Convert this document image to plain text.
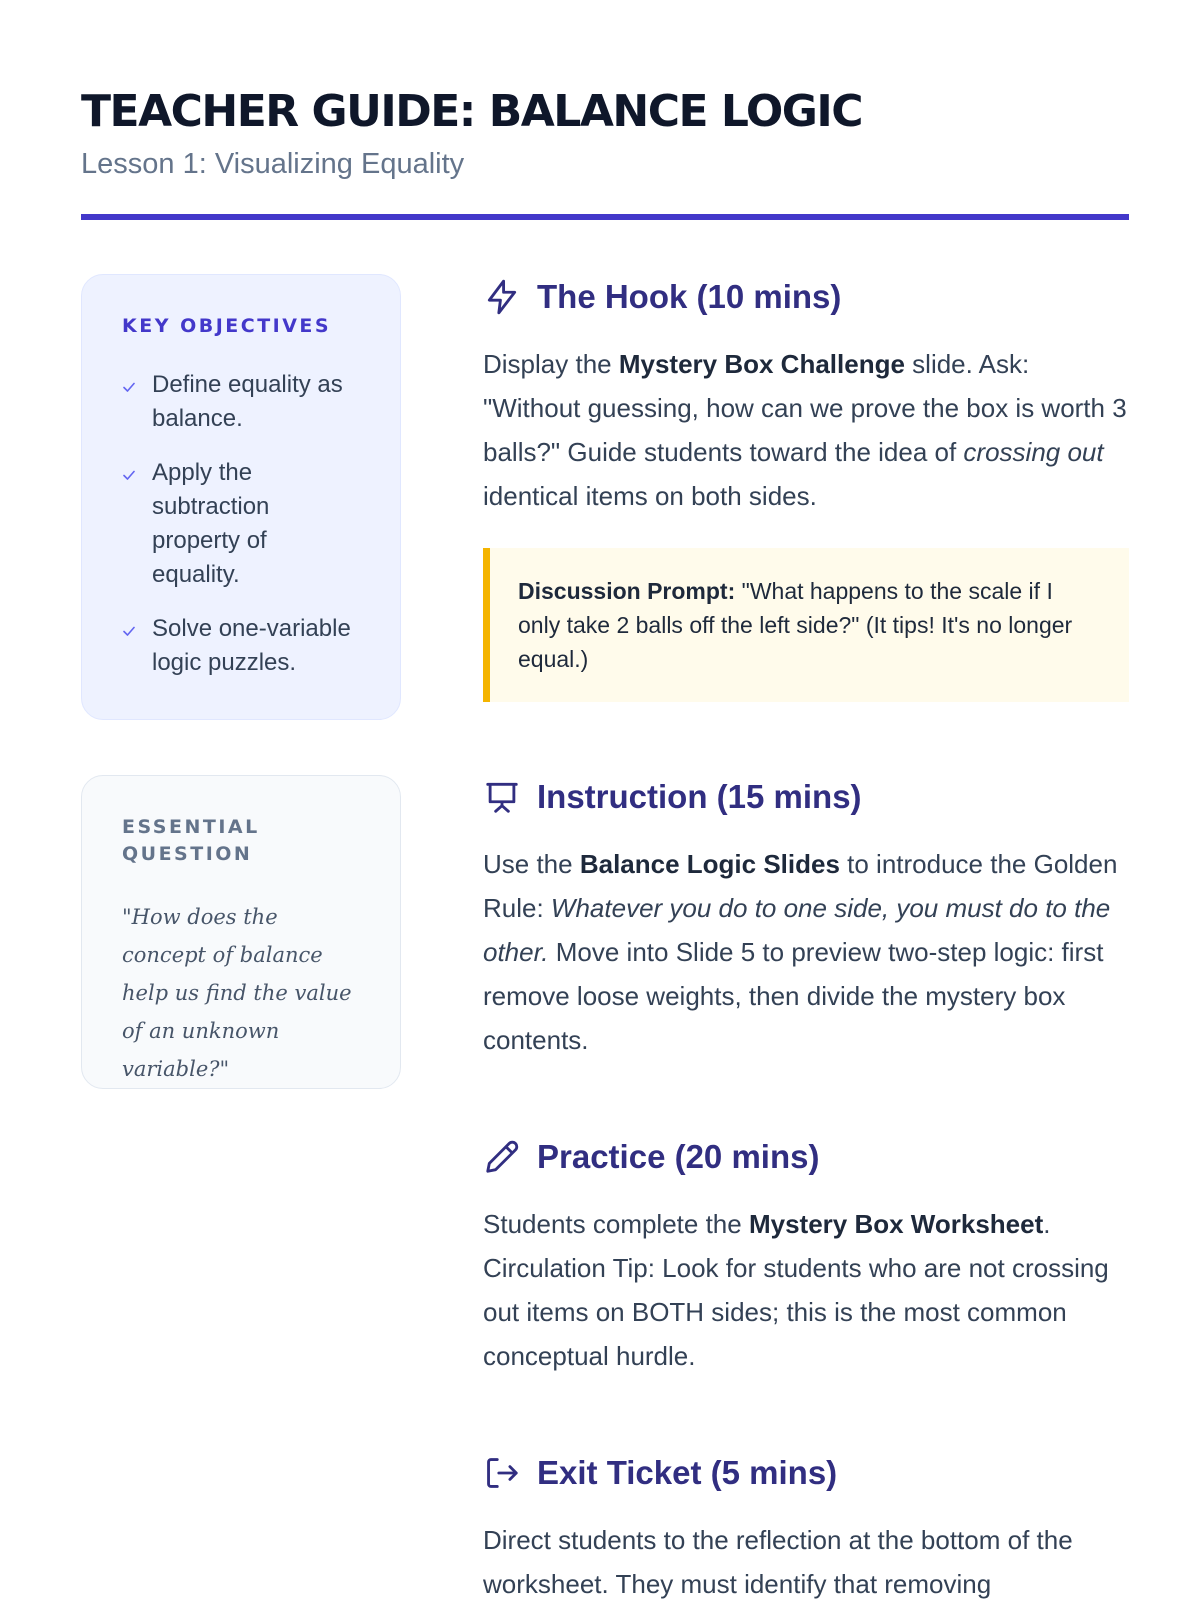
TEACHER GUIDE: BALANCE LOGIC
Lesson 1: Visualizing Equality
KEY OBJECTIVES
Define equality as balance.
Apply the subtraction property of equality.
Solve one-variable logic puzzles.
ESSENTIAL QUESTION
"How does the concept of balance help us find the value of an unknown variable?"
The Hook (10 mins)
Display the Mystery Box Challenge slide. Ask: "Without guessing, how can we prove the box is worth 3 balls?" Guide students toward the idea of crossing out identical items on both sides.
Discussion Prompt: "What happens to the scale if I only take 2 balls off the left side?" (It tips! It's no longer equal.)
Instruction (15 mins)
Use the Balance Logic Slides to introduce the Golden Rule: Whatever you do to one side, you must do to the other. Move into Slide 5 to preview two-step logic: first remove loose weights, then divide the mystery box contents.
Practice (20 mins)
Students complete the Mystery Box Worksheet. Circulation Tip: Look for students who are not crossing out items on BOTH sides; this is the most common conceptual hurdle.
Exit Ticket (5 mins)
Direct students to the reflection at the bottom of the worksheet. They must identify that removing
